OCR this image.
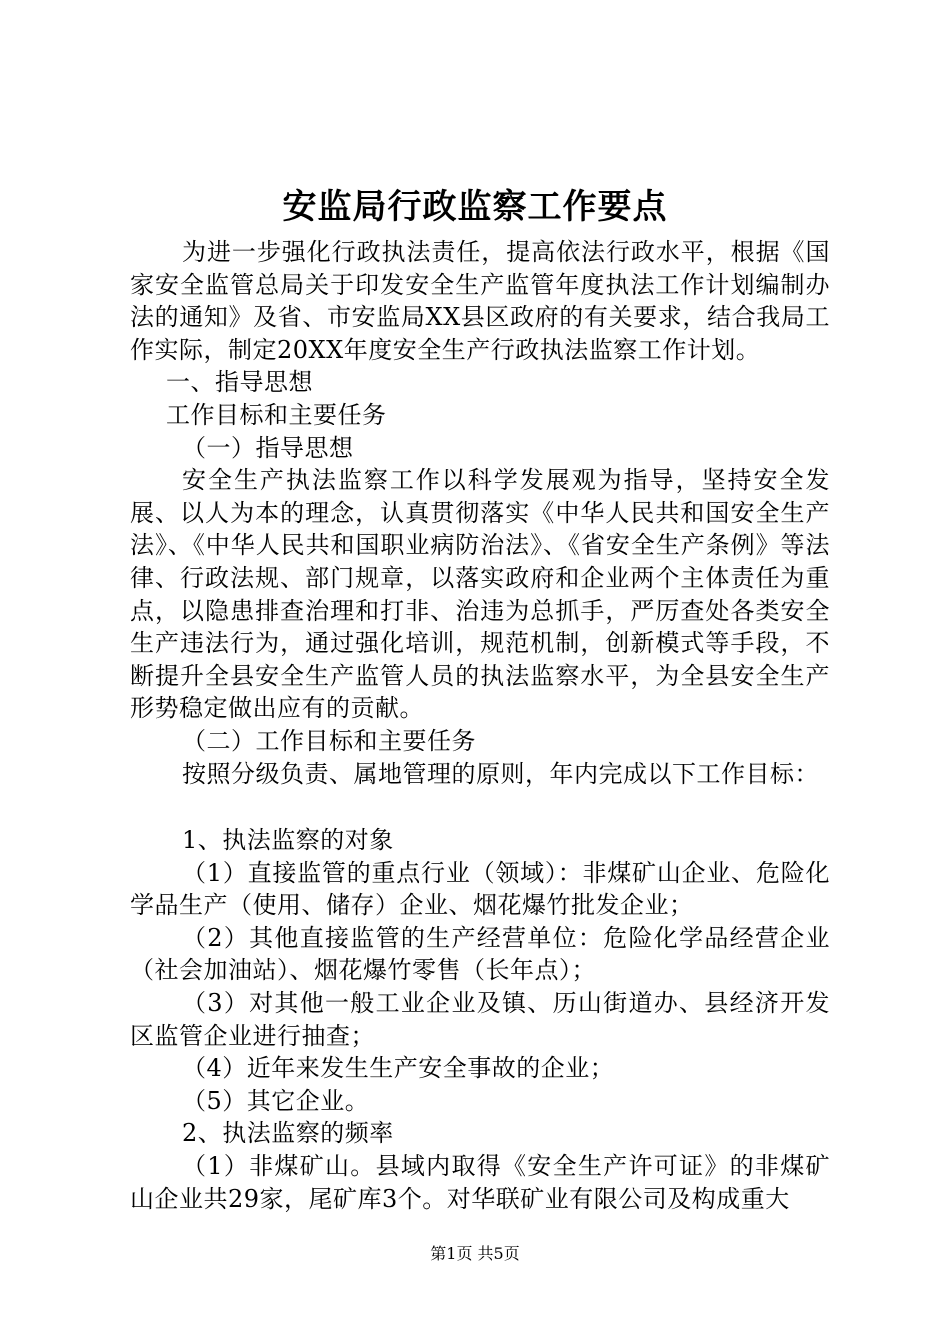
安监局行政监察工作要点

为进一步强化行政执法责任，提高依法行政水平，根据《国家安全监管总局关于印发安全生产监管年度执法工作计划编制办法的通知》及省、市安监局XX县区政府的有关要求，结合我局工作实际，制定20XX年度安全生产行政执法监察工作计划。

一、指导思想

工作目标和主要任务

（一）指导思想

安全生产执法监察工作以科学发展观为指导，坚持安全发展、以人为本的理念，认真贯彻落实《中华人民共和国安全生产法》、《中华人民共和国职业病防治法》、《省安全生产条例》等法律、行政法规、部门规章，以落实政府和企业两个主体责任为重点，以隐患排查治理和打非、治违为总抓手，严厉查处各类安全生产违法行为，通过强化培训，规范机制，创新模式等手段，不断提升全县安全生产监管人员的执法监察水平，为全县安全生产形势稳定做出应有的贡献。

（二）工作目标和主要任务

按照分级负责、属地管理的原则，年内完成以下工作目标：

1、执法监察的对象

（1）直接监管的重点行业（领域）：非煤矿山企业、危险化学品生产（使用、储存）企业、烟花爆竹批发企业；

（2）其他直接监管的生产经营单位：危险化学品经营企业（社会加油站）、烟花爆竹零售（长年点）；

（3）对其他一般工业企业及镇、历山街道办、县经济开发区监管企业进行抽查；

（4）近年来发生生产安全事故的企业；

（5）其它企业。

2、执法监察的频率

（1）非煤矿山。县域内取得《安全生产许可证》的非煤矿山企业共29家，尾矿库3个。对华联矿业有限公司及构成重大

第1页 共5页
